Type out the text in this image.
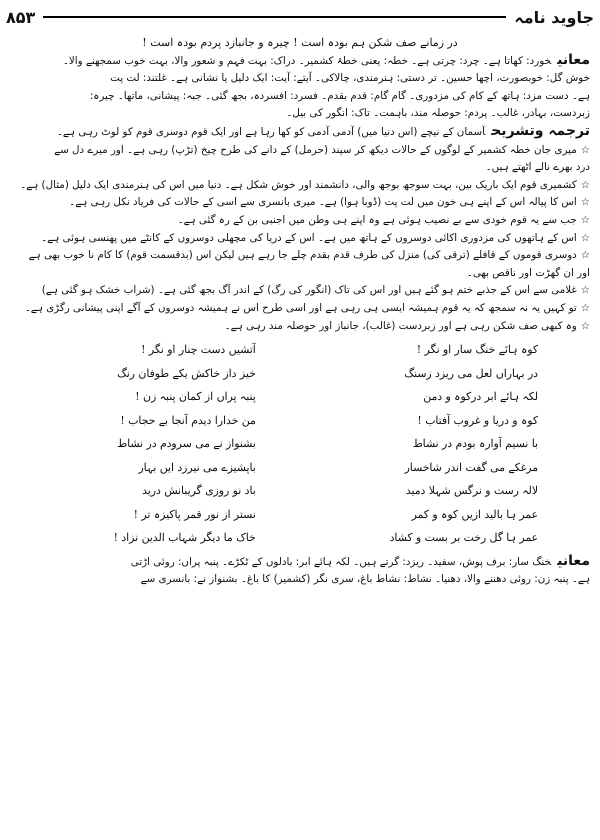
۸۵۳	جاوید نامہ
در زمانے صف شکن ہم بودہ است ! چیرہ و جانبازد پردم بودہ است !
معانیخورد: کھاتا ہے۔ چرد: چرتی ہے۔ خطہ: یعنی خطۂ کشمیر۔ دراک: بہت فہم و شعور والا، بہت خوب سمجھنے والا۔
خوش گل: خوبصورت، اچھا حسین۔ تر دستی: ہنرمندی، چالاکی۔ آیتے: آیت: ایک دلیل یا نشانی ہے۔ غلتند: لت پت
ہے۔ دست مزد: ہاتھ کے کام کی مزدوری۔ گام گام: قدم بقدم۔ فسرد: افسردہ، بجھ گئی۔ جبہ: پیشانی، ماتھا۔ چیرہ:
زبردست، بہادر، غالب۔ پردم: حوصلہ مند، باہمت۔ تاک: انگور کی بیل۔
ترجمہ وتشریحآسمان کے نیچے (اس دنیا میں) آدمی آدمی کو کھا رہا ہے اور ایک قوم دوسری قوم کو لوٹ رہی ہے۔
☆میری جان خطہ کشمیر کے لوگوں کے حالات دیکھ کر سپند (حرمل) کے دانے کی طرح چیخ (تڑپ) رہی ہے۔ اور میرے دل سے
درد بھرے نالے اٹھتے ہیں۔
☆کشمیری قوم ایک باریک بین، بہت سوجھ بوجھ والی، دانشمند اور خوش شکل ہے۔ دنیا میں اس کی ہنرمندی ایک دلیل (مثال) ہے۔
☆اس کا پیالہ اس کے اپنے ہی خون میں لت پت (ڈوبا ہوا) ہے۔ میری بانسری سے اسی کے حالات کی فریاد نکل رہی ہے۔
☆جب سے یہ قوم خودی سے بے نصیب ہوئی ہے وہ اپنے ہی وطن میں اجنبی بن کے رہ گئی ہے۔
☆اس کے ہاتھوں کی مزدوری اکائی دوسروں کے ہاتھ میں ہے۔ اس کے دریا کی مچھلی دوسروں کے کانٹے میں پھنسی ہوئی ہے۔
☆دوسری قوموں کے قافلے (ترقی کی) منزل کی طرف قدم بقدم چلے جا رہے ہیں لیکن اس (بدقسمت قوم) کا کام نا خوب بھی ہے
اور ان گھڑت اور ناقص بھی۔
☆غلامی سے اس کے جذبے ختم ہو گئے ہیں اور اس کی تاک (انگور کی رگ) کے اندر آگ بجھ گئی ہے۔ (شراب خشک ہو گئی ہے)
☆تو کہیں یہ نہ سمجھ کہ یہ قوم ہمیشہ ایسی ہی رہی ہے اور اسی طرح اس نے ہمیشہ دوسروں کے آگے اپنی پیشانی رگڑی ہے۔
☆وہ کبھی صف شکن رہی ہے اور زبردست (غالب)، جانباز اور حوصلہ مند رہی ہے۔
کوہ ہائے خنگ سار او نگر !
آتشیں دست چنار او نگر !
در بہاراں لعل می ریزد زسنگ
خیز داز خاکش یکے طوفان رنگ
لکہ ہائے ابر درکوہ و دمن
پنبہ پراں از کمان پنبہ زن !
کوہ و دریا و غروب آفتاب !
من خدارا دیدم آنجا بے حجاب !
با نسیم آوارہ بودم در نشاط
بشنواز نے می سرودم در نشاط
مرغکے می گفت اندر شاخسار
باپشیزے می نیرزد ایں بہار
لالہ رست و نرگس شہلا دمید
باد نو روزی گریبانش درید
عمر ہا بالید ازیں کوہ و کمر
نستر از نور قمر پاکیزہ تر !
عمر ہا گل رخت بر بست و کشاد
خاک ما دیگر شہاب الدین نزاد !
معانیخنگ سار: برف پوش، سفید۔ ریزد: گرتے ہیں۔ لکہ ہائے ابر: بادلوں کے ٹکڑے۔ پنبہ پراں: روئی اڑتی
ہے۔ پنبہ زن: روئی دھننے والا، دھنیا۔ نشاط: نشاط باغ، سری نگر (کشمیر) کا باغ۔ بشنواز نے: بانسری سے
